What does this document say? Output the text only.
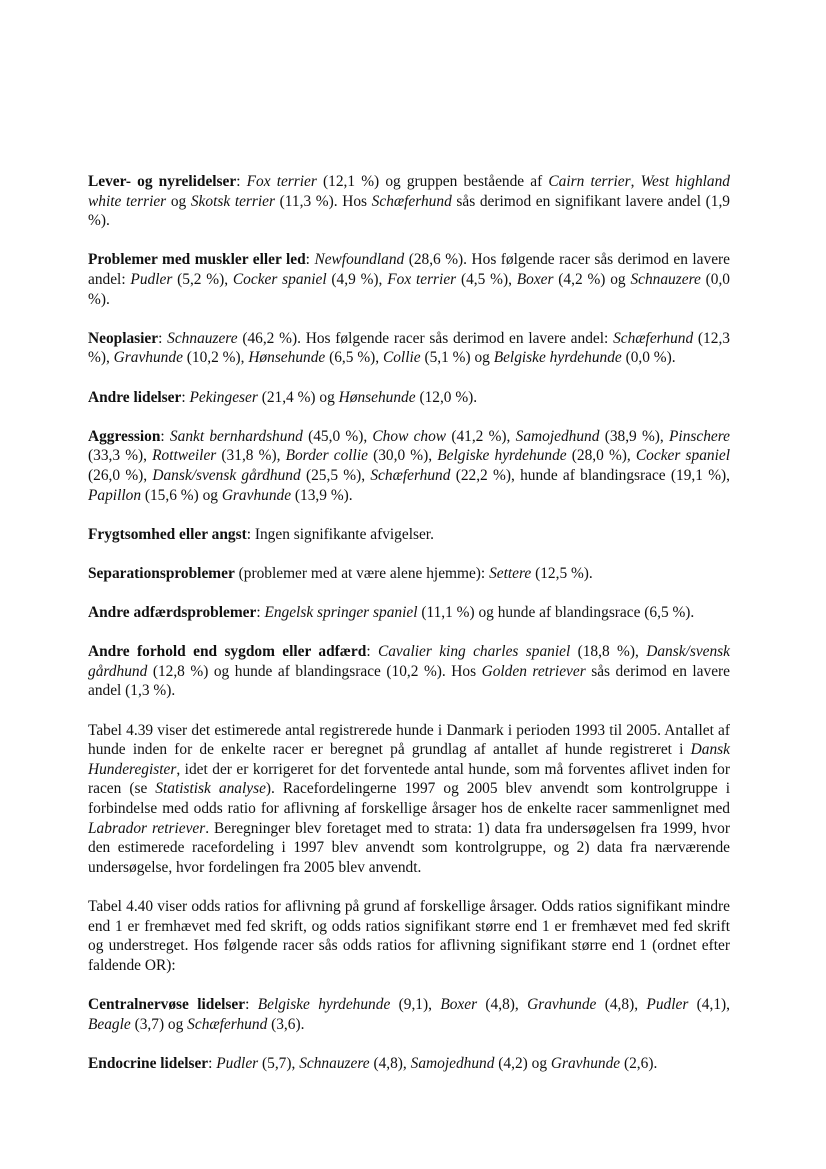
Lever- og nyrelidelser: Fox terrier (12,1 %) og gruppen bestående af Cairn terrier, West highland white terrier og Skotsk terrier (11,3 %). Hos Schæferhund sås derimod en signifikant lavere andel (1,9 %).

Problemer med muskler eller led: Newfoundland (28,6 %). Hos følgende racer sås derimod en lavere andel: Pudler (5,2 %), Cocker spaniel (4,9 %), Fox terrier (4,5 %), Boxer (4,2 %) og Schnauzere (0,0 %).

Neoplasier: Schnauzere (46,2 %). Hos følgende racer sås derimod en lavere andel: Schæferhund (12,3 %), Gravhunde (10,2 %), Hønsehunde (6,5 %), Collie (5,1 %) og Belgiske hyrdehunde (0,0 %).

Andre lidelser: Pekingeser (21,4 %) og Hønsehunde (12,0 %).

Aggression: Sankt bernhardshund (45,0 %), Chow chow (41,2 %), Samojedhund (38,9 %), Pinschere (33,3 %), Rottweiler (31,8 %), Border collie (30,0 %), Belgiske hyrdehunde (28,0 %), Cocker spaniel (26,0 %), Dansk/svensk gårdhund (25,5 %), Schæferhund (22,2 %), hunde af blandingsrace (19,1 %), Papillon (15,6 %) og Gravhunde (13,9 %).

Frygtsomhed eller angst: Ingen signifikante afvigelser.

Separationsproblemer (problemer med at være alene hjemme): Settere (12,5 %).

Andre adfærdsproblemer: Engelsk springer spaniel (11,1 %) og hunde af blandingsrace (6,5 %).

Andre forhold end sygdom eller adfærd: Cavalier king charles spaniel (18,8 %), Dansk/svensk gårdhund (12,8 %) og hunde af blandingsrace (10,2 %). Hos Golden retriever sås derimod en lavere andel (1,3 %).

Tabel 4.39 viser det estimerede antal registrerede hunde i Danmark i perioden 1993 til 2005. Antallet af hunde inden for de enkelte racer er beregnet på grundlag af antallet af hunde registreret i Dansk Hunderegister, idet der er korrigeret for det forventede antal hunde, som må forventes aflivet inden for racen (se Statistisk analyse). Racefordelingerne 1997 og 2005 blev anvendt som kontrolgruppe i forbindelse med odds ratio for aflivning af forskellige årsager hos de enkelte racer sammenlignet med Labrador retriever. Beregninger blev foretaget med to strata: 1) data fra undersøgelsen fra 1999, hvor den estimerede racefordeling i 1997 blev anvendt som kontrolgruppe, og 2) data fra nærværende undersøgelse, hvor fordelingen fra 2005 blev anvendt.

Tabel 4.40 viser odds ratios for aflivning på grund af forskellige årsager. Odds ratios signifikant mindre end 1 er fremhævet med fed skrift, og odds ratios signifikant større end 1 er fremhævet med fed skrift og understreget. Hos følgende racer sås odds ratios for aflivning signifikant større end 1 (ordnet efter faldende OR):

Centralnervøse lidelser: Belgiske hyrdehunde (9,1), Boxer (4,8), Gravhunde (4,8), Pudler (4,1), Beagle (3,7) og Schæferhund (3,6).

Endocrine lidelser: Pudler (5,7), Schnauzere (4,8), Samojedhund (4,2) og Gravhunde (2,6).
